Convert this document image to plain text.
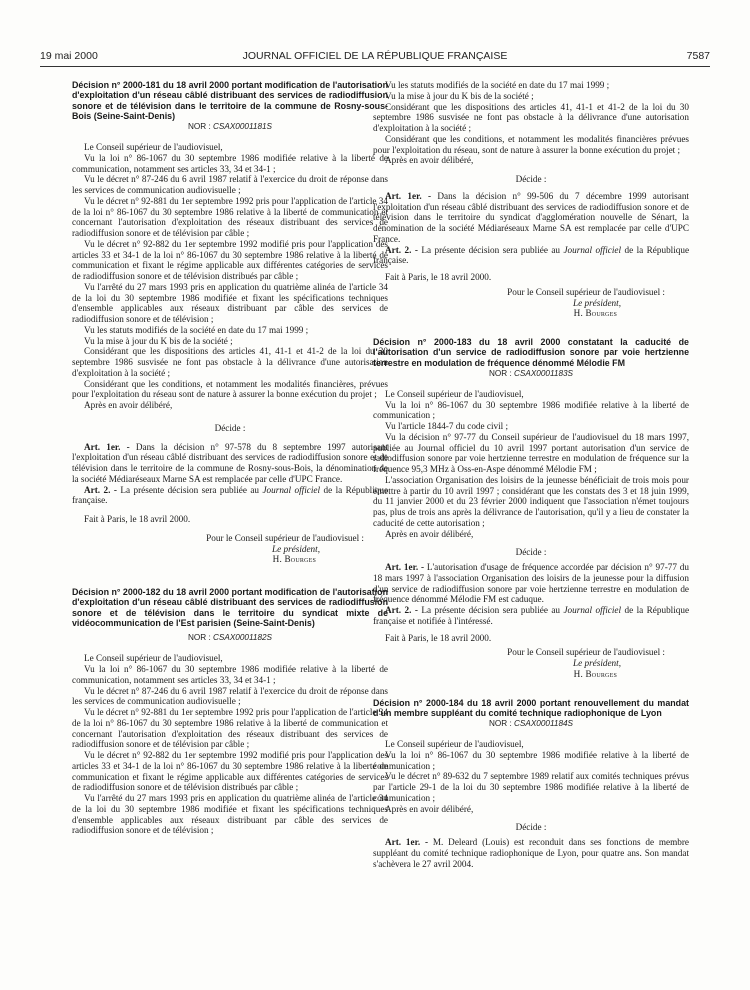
19 mai 2000	JOURNAL OFFICIEL DE LA RÉPUBLIQUE FRANÇAISE	7587

Décision n° 2000-181 du 18 avril 2000 portant modification de l'autorisation d'exploitation d'un réseau câblé distribuant des services de radiodiffusion sonore et de télévision dans le territoire de la commune de Rosny-sous-Bois (Seine-Saint-Denis)

NOR : CSAX0001181S

Le Conseil supérieur de l'audiovisuel,

Vu la loi n° 86-1067 du 30 septembre 1986 modifiée relative à la liberté de communication, notamment ses articles 33, 34 et 34-1 ;

Vu le décret n° 87-246 du 6 avril 1987 relatif à l'exercice du droit de réponse dans les services de communication audiovisuelle ;

Vu le décret n° 92-881 du 1er septembre 1992 pris pour l'application de l'article 34 de la loi n° 86-1067 du 30 septembre 1986 relative à la liberté de communication et concernant l'autorisation d'exploitation des réseaux distribuant des services de radiodiffusion sonore et de télévision par câble ;

Vu le décret n° 92-882 du 1er septembre 1992 modifié pris pour l'application des articles 33 et 34-1 de la loi n° 86-1067 du 30 septembre 1986 relative à la liberté de communication et fixant le régime applicable aux différentes catégories de services de radiodiffusion sonore et de télévision distribués par câble ;

Vu l'arrêté du 27 mars 1993 pris en application du quatrième alinéa de l'article 34 de la loi du 30 septembre 1986 modifiée et fixant les spécifications techniques d'ensemble applicables aux réseaux distribuant par câble des services de radiodiffusion sonore et de télévision ;

Vu les statuts modifiés de la société en date du 17 mai 1999 ;

Vu la mise à jour du K bis de la société ;

Considérant que les dispositions des articles 41, 41-1 et 41-2 de la loi du 30 septembre 1986 susvisée ne font pas obstacle à la délivrance d'une autorisation d'exploitation à la société ;

Considérant que les conditions, et notamment les modalités financières, prévues pour l'exploitation du réseau sont de nature à assurer la bonne exécution du projet ;

Après en avoir délibéré,

Décide :

Art. 1er. - Dans la décision n° 97-578 du 8 septembre 1997 autorisant l'exploitation d'un réseau câblé distribuant des services de radiodiffusion sonore et de télévision dans le territoire de la commune de Rosny-sous-Bois, la dénomination de la société Médiaréseaux Marne SA est remplacée par celle d'UPC France.

Art. 2. - La présente décision sera publiée au Journal officiel de la République française.

Fait à Paris, le 18 avril 2000.

Pour le Conseil supérieur de l'audiovisuel :
Le président,
H. Bourges

Décision n° 2000-182 du 18 avril 2000 portant modification de l'autorisation d'exploitation d'un réseau câblé distribuant des services de radiodiffusion sonore et de télévision dans le territoire du syndicat mixte de vidéocommunication de l'Est parisien (Seine-Saint-Denis)

NOR : CSAX0001182S

Le Conseil supérieur de l'audiovisuel,

Vu la loi n° 86-1067 du 30 septembre 1986 modifiée relative à la liberté de communication, notamment ses articles 33, 34 et 34-1 ;

Vu le décret n° 87-246 du 6 avril 1987 relatif à l'exercice du droit de réponse dans les services de communication audiovisuelle ;

Vu le décret n° 92-881 du 1er septembre 1992 pris pour l'application de l'article 34 de la loi n° 86-1067 du 30 septembre 1986 relative à la liberté de communication et concernant l'autorisation d'exploitation des réseaux distribuant des services de radiodiffusion sonore et de télévision par câble ;

Vu le décret n° 92-882 du 1er septembre 1992 modifié pris pour l'application des articles 33 et 34-1 de la loi n° 86-1067 du 30 septembre 1986 relative à la liberté de communication et fixant le régime applicable aux différentes catégories de services de radiodiffusion sonore et de télévision distribués par câble ;

Vu l'arrêté du 27 mars 1993 pris en application du quatrième alinéa de l'article 34 de la loi du 30 septembre 1986 modifiée et fixant les spécifications techniques d'ensemble applicables aux réseaux distribuant par câble des services de radiodiffusion sonore et de télévision ;

Vu les statuts modifiés de la société en date du 17 mai 1999 ;

Vu la mise à jour du K bis de la société ;

Considérant que les dispositions des articles 41, 41-1 et 41-2 de la loi du 30 septembre 1986 susvisée ne font pas obstacle à la délivrance d'une autorisation d'exploitation à la société ;

Considérant que les conditions, et notamment les modalités financières prévues pour l'exploitation du réseau, sont de nature à assurer la bonne exécution du projet ;

Après en avoir délibéré,

Décide :

Art. 1er. - Dans la décision n° 99-506 du 7 décembre 1999 autorisant l'exploitation d'un réseau câblé distribuant des services de radiodiffusion sonore et de télévision dans le territoire du syndicat d'agglomération nouvelle de Sénart, la dénomination de la société Médiaréseaux Marne SA est remplacée par celle d'UPC France.

Art. 2. - La présente décision sera publiée au Journal officiel de la République française.

Fait à Paris, le 18 avril 2000.

Pour le Conseil supérieur de l'audiovisuel :
Le président,
H. Bourges

Décision n° 2000-183 du 18 avril 2000 constatant la caducité de l'autorisation d'un service de radiodiffusion sonore par voie hertzienne terrestre en modulation de fréquence dénommé Mélodie FM

NOR : CSAX0001183S

Le Conseil supérieur de l'audiovisuel,

Vu la loi n° 86-1067 du 30 septembre 1986 modifiée relative à la liberté de communication ;

Vu l'article 1844-7 du code civil ;

Vu la décision n° 97-77 du Conseil supérieur de l'audiovisuel du 18 mars 1997, publiée au Journal officiel du 10 avril 1997 portant autorisation d'un service de radiodiffusion sonore par voie hertzienne terrestre en modulation de fréquence sur la fréquence 95,3 MHz à Oss-en-Aspe dénommé Mélodie FM ;

L'association Organisation des loisirs de la jeunesse bénéficiait de trois mois pour émettre à partir du 10 avril 1997 ; considérant que les constats des 3 et 18 juin 1999, du 11 janvier 2000 et du 23 février 2000 indiquent que l'association n'émet toujours pas, plus de trois ans après la délivrance de l'autorisation, qu'il y a lieu de constater la caducité de cette autorisation ;

Après en avoir délibéré,

Décide :

Art. 1er. - L'autorisation d'usage de fréquence accordée par décision n° 97-77 du 18 mars 1997 à l'association Organisation des loisirs de la jeunesse pour la diffusion d'un service de radiodiffusion sonore par voie hertzienne terrestre en modulation de fréquence dénommé Mélodie FM est caduque.

Art. 2. - La présente décision sera publiée au Journal officiel de la République française et notifiée à l'intéressé.

Fait à Paris, le 18 avril 2000.

Pour le Conseil supérieur de l'audiovisuel :
Le président,
H. Bourges

Décision n° 2000-184 du 18 avril 2000 portant renouvellement du mandat d'un membre suppléant du comité technique radiophonique de Lyon

NOR : CSAX0001184S

Le Conseil supérieur de l'audiovisuel,

Vu la loi n° 86-1067 du 30 septembre 1986 modifiée relative à la liberté de communication ;

Vu le décret n° 89-632 du 7 septembre 1989 relatif aux comités techniques prévus par l'article 29-1 de la loi du 30 septembre 1986 modifiée relative à la liberté de communication ;

Après en avoir délibéré,

Décide :

Art. 1er. - M. Deleard (Louis) est reconduit dans ses fonctions de membre suppléant du comité technique radiophonique de Lyon, pour quatre ans. Son mandat s'achèvera le 27 avril 2004.
